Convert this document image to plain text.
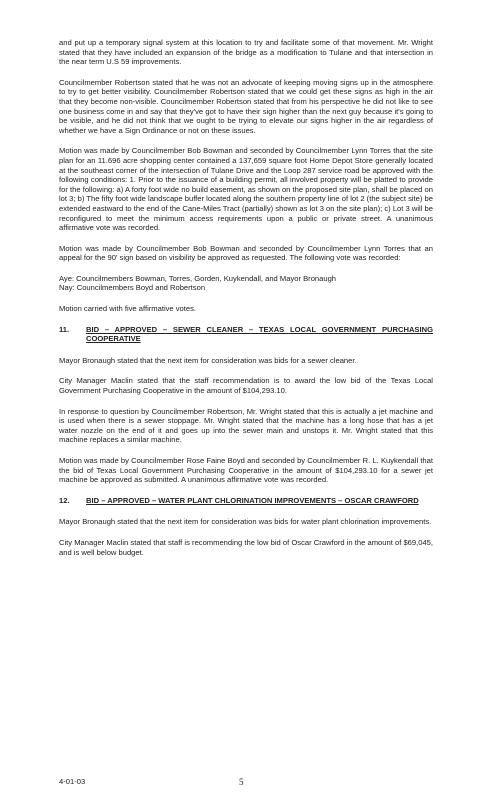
and put up a temporary signal system at this location to try and facilitate some of that movement. Mr. Wright stated that they have included an expansion of the bridge as a modification to Tulane and that intersection in the near term U.S 59 improvements.

Councilmember Robertson stated that he was not an advocate of keeping moving signs up in the atmosphere to try to get better visibility. Councilmember Robertson stated that we could get these signs as high in the air that they become non-visible. Councilmember Robertson stated that from his perspective he did not like to see one business come in and say that they've got to have their sign higher than the next guy because it's going to be visible, and he did not think that we ought to be trying to elevate our signs higher in the air regardless of whether we have a Sign Ordinance or not on these issues.

Motion was made by Councilmember Bob Bowman and seconded by Councilmember Lynn Torres that the site plan for an 11.696 acre shopping center contained a 137,659 square foot Home Depot Store generally located at the southeast corner of the intersection of Tulane Drive and the Loop 287 service road be approved with the following conditions: 1. Prior to the issuance of a building permit, all involved property will be platted to provide for the following: a) A forty foot wide no build easement, as shown on the proposed site plan, shall be placed on lot 3; b) The fifty foot wide landscape buffer located along the southern property line of lot 2 (the subject site) be extended eastward to the end of the Cane-Miles Tract (partially) shown as lot 3 on the site plan); c) Lot 3 will be reconfigured to meet the minimum access requirements upon a public or private street. A unanimous affirmative vote was recorded.

Motion was made by Councilmember Bob Bowman and seconded by Councilmember Lynn Torres that an appeal for the 90' sign based on visibility be approved as requested. The following vote was recorded:

Aye: Councilmembers Bowman, Torres, Gorden, Kuykendall, and Mayor Bronaugh

Nay: Councilmembers Boyd and Robertson

Motion carried with five affirmative votes.

11.	BID – APPROVED – SEWER CLEANER – TEXAS LOCAL GOVERNMENT PURCHASING COOPERATIVE

Mayor Bronaugh stated that the next item for consideration was bids for a sewer cleaner.

City Manager Maclin stated that the staff recommendation is to award the low bid of the Texas Local Government Purchasing Cooperative in the amount of $104,293.10.

In response to question by Councilmember Robertson, Mr. Wright stated that this is actually a jet machine and is used when there is a sewer stoppage. Mr. Wright stated that the machine has a long hose that has a jet water nozzle on the end of it and goes up into the sewer main and unstops it. Mr. Wright stated that this machine replaces a similar machine.

Motion was made by Councilmember Rose Faine Boyd and seconded by Councilmember R. L. Kuykendall that the bid of Texas Local Government Purchasing Cooperative in the amount of $104,293.10 for a sewer jet machine be approved as submitted. A unanimous affirmative vote was recorded.

12.	BID – APPROVED – WATER PLANT CHLORINATION IMPROVEMENTS – OSCAR CRAWFORD

Mayor Bronaugh stated that the next item for consideration was bids for water plant chlorination improvements.

City Manager Maclin stated that staff is recommending the low bid of Oscar Crawford in the amount of $69,045, and is well below budget.

4-01-03	5
